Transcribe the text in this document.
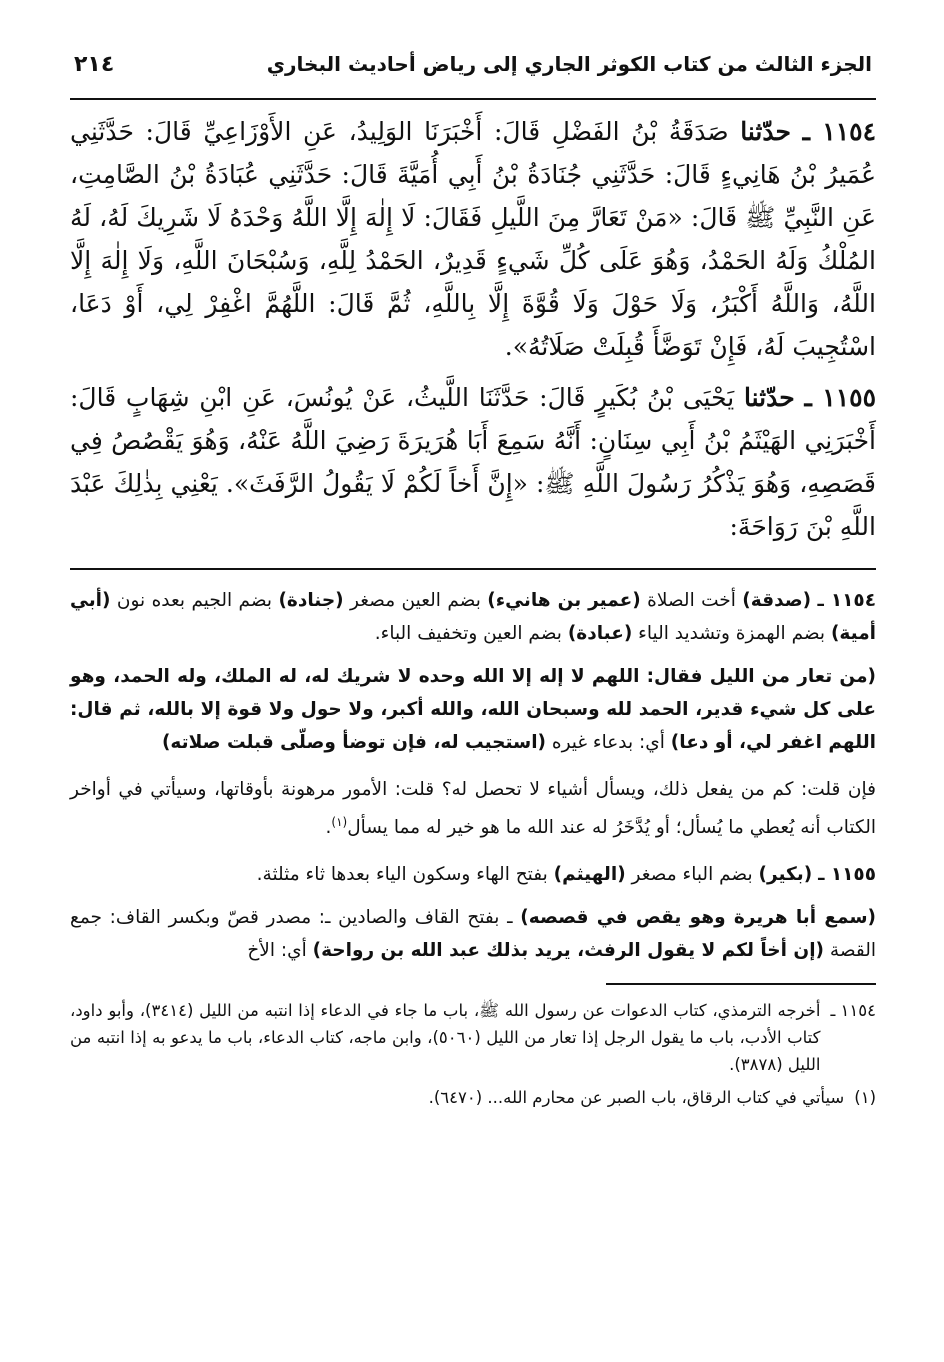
الجزء الثالث من كتاب الكوثر الجاري إلى رياض أحاديث البخاري
٢١٤

١١٥٤ ـ حدّثنا صَدَقَةُ بْنُ الفَضْلِ قَالَ: أَخْبَرَنَا الوَلِيدُ، عَنِ الأَوْزَاعِيِّ قَالَ: حَدَّثَنِي عُمَيرُ بْنُ هَانِيءٍ قَالَ: حَدَّثَنِي جُنَادَةُ بْنُ أَبِي أُمَيَّةَ قَالَ: حَدَّثَنِي عُبَادَةُ بْنُ الصَّامِتِ، عَنِ النَّبِيِّ ﷺ قَالَ: «مَنْ تَعَارَّ مِنَ اللَّيلِ فَقَالَ: لَا إِلٰهَ إِلَّا اللَّهُ وَحْدَهُ لَا شَرِيكَ لَهُ، لَهُ المُلْكُ وَلَهُ الحَمْدُ، وَهُوَ عَلَى كُلِّ شَيءٍ قَدِيرٌ، الحَمْدُ لِلَّهِ، وَسُبْحَانَ اللَّهِ، وَلَا إِلٰهَ إِلَّا اللَّهُ، وَاللَّهُ أَكْبَرُ، وَلَا حَوْلَ وَلَا قُوَّةَ إِلَّا بِاللَّهِ، ثُمَّ قَالَ: اللَّهُمَّ اغْفِرْ لِي، أَوْ دَعَا، اسْتُجِيبَ لَهُ، فَإِنْ تَوَضَّأَ قُبِلَتْ صَلَاتُهُ».

١١٥٥ ـ حدّثنا يَحْيَى بْنُ بُكَيرٍ قَالَ: حَدَّثَنَا اللَّيثُ، عَنْ يُونُسَ، عَنِ ابْنِ شِهَابٍ قَالَ: أَخْبَرَنِي الهَيْثَمُ بْنُ أَبِي سِنَانٍ: أَنَّهُ سَمِعَ أَبَا هُرَيرَةَ رَضِيَ اللَّهُ عَنْهُ، وَهُوَ يَقْصُصُ فِي قَصَصِهِ، وَهُوَ يَذْكُرُ رَسُولَ اللَّهِ ﷺ: «إِنَّ أَخاً لَكُمْ لَا يَقُولُ الرَّفَثَ». يَعْنِي بِذٰلِكَ عَبْدَ اللَّهِ بْنَ رَوَاحَةَ:

١١٥٤ ـ (صدقة) أخت الصلاة (عمير بن هانيء) بضم العين مصغر (جنادة) بضم الجيم بعده نون (أبي أمية) بضم الهمزة وتشديد الياء (عبادة) بضم العين وتخفيف الباء.

(من تعار من الليل فقال: اللهم لا إله إلا الله وحده لا شريك له، له الملك، وله الحمد، وهو على كل شيء قدير، الحمد لله وسبحان الله، والله أكبر، ولا حول ولا قوة إلا بالله، ثم قال: اللهم اغفر لي، أو دعا) أي: بدعاء غيره (استجيب له، فإن توضأ وصلّى قبلت صلاته)

فإن قلت: كم من يفعل ذلك، ويسأل أشياء لا تحصل له؟ قلت: الأمور مرهونة بأوقاتها، وسيأتي في أواخر الكتاب أنه يُعطي ما يُسأل؛ أو يُدَّخَرُ له عند الله ما هو خير له مما يسأل$^{(١)}$.

١١٥٥ ـ (بكير) بضم الباء مصغر (الهيثم) بفتح الهاء وسكون الياء بعدها ثاء مثلثة.

(سمع أبا هريرة وهو يقص في قصصه) ـ بفتح القاف والصادين ـ: مصدر قصّ وبكسر القاف: جمع القصة (إن أخاً لكم لا يقول الرفث، يريد بذلك عبد الله بن رواحة) أي: الأخ

١١٥٤ ـ
أخرجه الترمذي، كتاب الدعوات عن رسول الله ﷺ، باب ما جاء في الدعاء إذا انتبه من الليل (٣٤١٤)، وأبو داود، كتاب الأدب، باب ما يقول الرجل إذا تعار من الليل (٥٠٦٠)، وابن ماجه، كتاب الدعاء، باب ما يدعو به إذا انتبه من الليل (٣٨٧٨).
(١)
سيأتي في كتاب الرقاق، باب الصبر عن محارم الله... (٦٤٧٠).
